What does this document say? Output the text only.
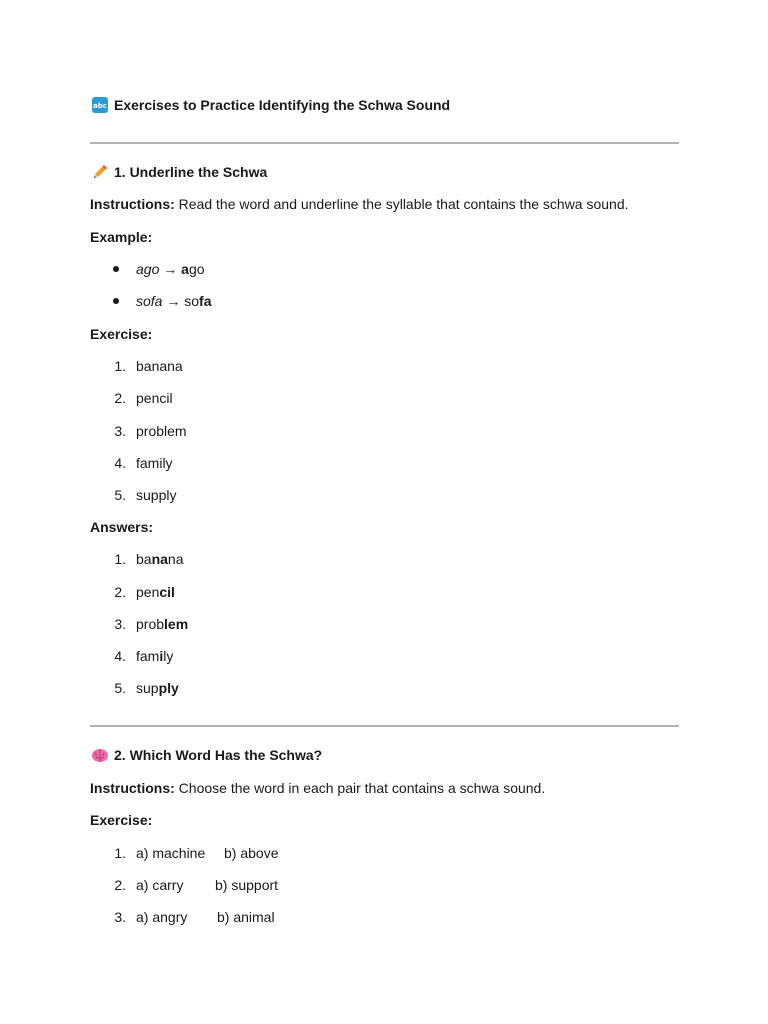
abc Exercises to Practice Identifying the Schwa Sound
1. Underline the Schwa
Instructions: Read the word and underline the syllable that contains the schwa sound.
Example:
ago → ago
sofa → sofa
Exercise:
1. banana
2. pencil
3. problem
4. family
5. supply
Answers:
1. banana
2. pencil
3. problem
4. family
5. supply
2. Which Word Has the Schwa?
Instructions: Choose the word in each pair that contains a schwa sound.
Exercise:
1. a) machine b) above
2. a) carry b) support
3. a) angry b) animal
